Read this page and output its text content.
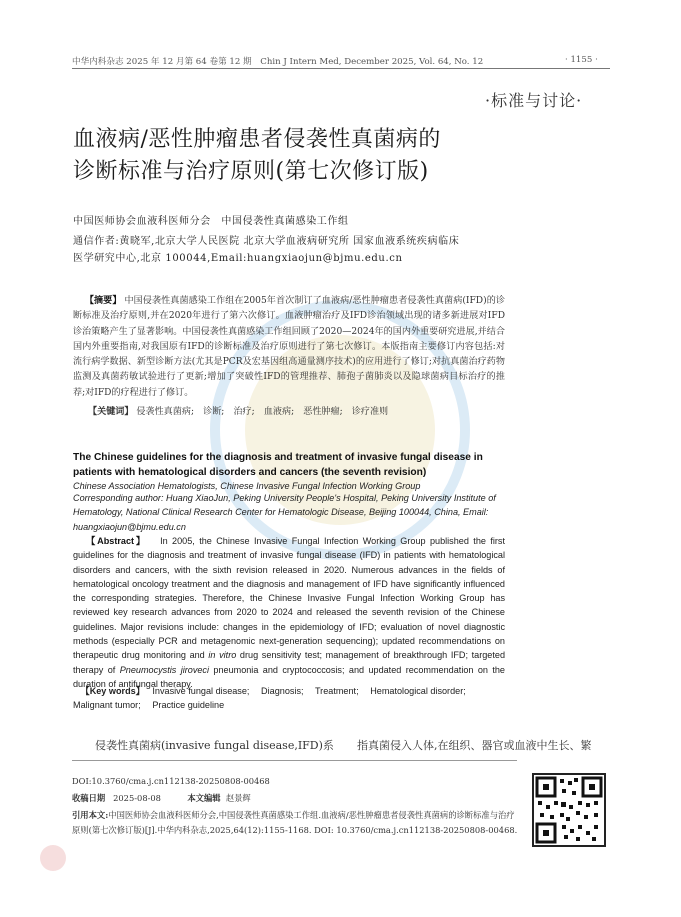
中华内科杂志 2025 年 12 月第 64 卷第 12 期　Chin J Intern Med, December 2025, Vol. 64, No. 12	· 1155 ·
·标准与讨论·
血液病/恶性肿瘤患者侵袭性真菌病的
诊断标准与治疗原则(第七次修订版)
中国医师协会血液科医师分会　中国侵袭性真菌感染工作组
通信作者:黄晓军,北京大学人民医院 北京大学血液病研究所 国家血液系统疾病临床
医学研究中心,北京 100044,Email:huangxiaojun@bjmu.edu.cn
【摘要】 中国侵袭性真菌感染工作组在2005年首次制订了血液病/恶性肿瘤患者侵袭性真菌病(IFD)的诊断标准及治疗原则,并在2020年进行了第六次修订。血液肿瘤治疗及IFD诊治领域出现的诸多新进展对IFD诊治策略产生了显著影响。中国侵袭性真菌感染工作组回顾了2020—2024年的国内外重要研究进展,并结合国内外重要指南,对我国原有IFD的诊断标准及治疗原则进行了第七次修订。本版指南主要修订内容包括:对流行病学数据、新型诊断方法(尤其是PCR及宏基因组高通量测序技术)的应用进行了修订;对抗真菌治疗药物监测及真菌药敏试验进行了更新;增加了突破性IFD的管理推荐、肺孢子菌肺炎以及隐球菌病目标治疗的推荐;对IFD的疗程进行了修订。
【关键词】 侵袭性真菌病;　诊断;　治疗;　血液病;　恶性肿瘤;　诊疗准则
The Chinese guidelines for the diagnosis and treatment of invasive fungal disease in patients with hematological disorders and cancers (the seventh revision)
Chinese Association Hematologists, Chinese Invasive Fungal Infection Working Group
Corresponding author: Huang XiaoJun, Peking University People's Hospital, Peking University Institute of Hematology, National Clinical Research Center for Hematologic Disease, Beijing 100044, China, Email: huangxiaojun@bjmu.edu.cn
【Abstract】 In 2005, the Chinese Invasive Fungal Infection Working Group published the first guidelines for the diagnosis and treatment of invasive fungal disease (IFD) in patients with hematological disorders and cancers, with the sixth revision released in 2020. Numerous advances in the fields of hematological oncology treatment and the diagnosis and management of IFD have significantly influenced the corresponding strategies. Therefore, the Chinese Invasive Fungal Infection Working Group has reviewed key research advances from 2020 to 2024 and released the seventh revision of the Chinese guidelines. Major revisions include: changes in the epidemiology of IFD; evaluation of novel diagnostic methods (especially PCR and metagenomic next-generation sequencing); updated recommendations on therapeutic drug monitoring and in vitro drug sensitivity test; management of breakthrough IFD; targeted therapy of Pneumocystis jiroveci pneumonia and cryptococcosis; and updated recommendation on the duration of antifungal therapy.
【Key words】 Invasive fungal disease;　 Diagnosis;　 Treatment;　 Hematological disorder;　Malignant tumor;　 Practice guideline
侵袭性真菌病(invasive fungal disease,IFD)系 指真菌侵入人体,在组织、器官或血液中生长、繁
DOI:10.3760/cma.j.cn112138-20250808-00468
收稿日期 2025-08-08	本文编辑 赵景辉
引用本文:中国医师协会血液科医师分会,中国侵袭性真菌感染工作组.血液病/恶性肿瘤患者侵袭性真菌病的诊断标准与治疗原则(第七次修订版)[J].中华内科杂志,2025,64(12):1155-1168. DOI: 10.3760/cma.j.cn112138-20250808-00468.
